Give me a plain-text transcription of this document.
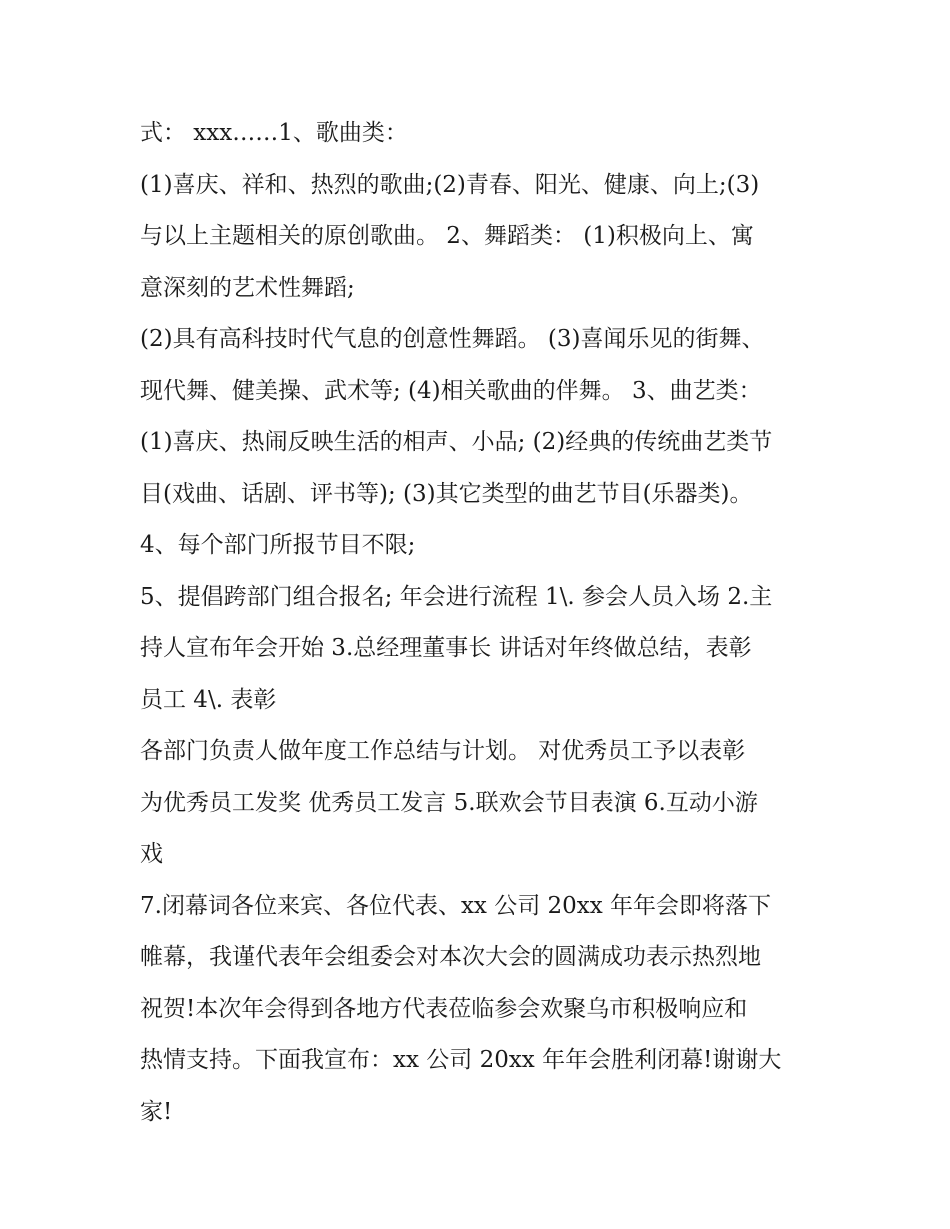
式： xxx……1、歌曲类：
(1)喜庆、祥和、热烈的歌曲;(2)青春、阳光、健康、向上;(3)
与以上主题相关的原创歌曲。 2、舞蹈类： (1)积极向上、寓
意深刻的艺术性舞蹈;
(2)具有高科技时代气息的创意性舞蹈。 (3)喜闻乐见的街舞、
现代舞、健美操、武术等; (4)相关歌曲的伴舞。 3、曲艺类：
(1)喜庆、热闹反映生活的相声、小品; (2)经典的传统曲艺类节
目(戏曲、话剧、评书等); (3)其它类型的曲艺节目(乐器类)。
4、每个部门所报节目不限;
5、提倡跨部门组合报名; 年会进行流程 1\. 参会人员入场 2.主
持人宣布年会开始 3.总经理董事长 讲话对年终做总结，表彰
员工 4\. 表彰
各部门负责人做年度工作总结与计划。 对优秀员工予以表彰
为优秀员工发奖 优秀员工发言 5.联欢会节目表演 6.互动小游
戏
7.闭幕词各位来宾、各位代表、xx 公司 20xx 年年会即将落下
帷幕，我谨代表年会组委会对本次大会的圆满成功表示热烈地
祝贺!本次年会得到各地方代表莅临参会欢聚乌市积极响应和
热情支持。下面我宣布：xx 公司 20xx 年年会胜利闭幕!谢谢大
家!
